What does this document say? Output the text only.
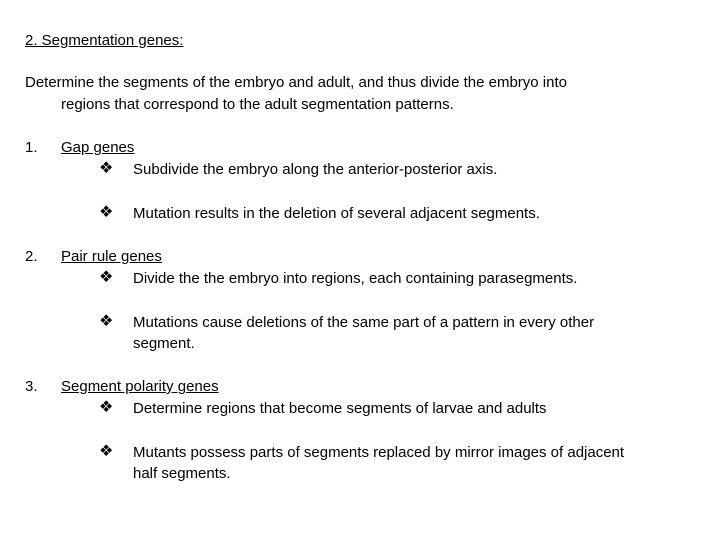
2. Segmentation genes:
Determine the segments of the embryo and adult, and thus divide the embryo into
regions that correspond to the adult segmentation patterns.
1. Gap genes
❖ Subdivide the embryo along the anterior-posterior axis.
❖ Mutation results in the deletion of several adjacent segments.
2. Pair rule genes
❖ Divide the the embryo into regions, each containing parasegments.
❖ Mutations cause deletions of the same part of a pattern in every other
segment.
3. Segment polarity genes
❖ Determine regions that become segments of larvae and adults
❖ Mutants possess parts of segments replaced by mirror images of adjacent
half segments.
